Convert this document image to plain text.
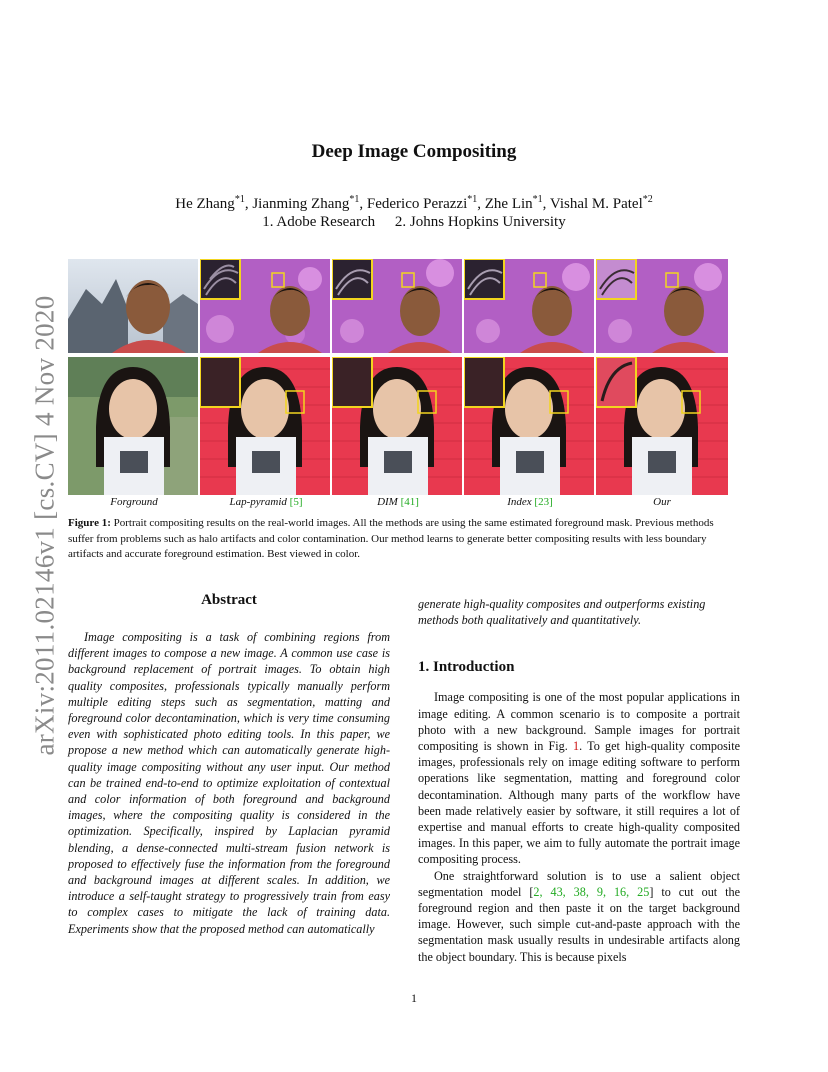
arXiv:2011.02146v1 [cs.CV] 4 Nov 2020
Deep Image Compositing
He Zhang$^{*1}$, Jianming Zhang$^{*1}$, Federico Perazzi$^{*1}$, Zhe Lin$^{*1}$, Vishal M. Patel$^{*2}$
1. Adobe Research 2. Johns Hopkins University
Forground	Lap-pyramid [5]	DIM [41]	Index [23]	Our
Figure 1: Portrait compositing results on the real-world images. All the methods are using the same estimated foreground mask. Previous methods suffer from problems such as halo artifacts and color contamination. Our method learns to generate better compositing results with less boundary artifacts and accurate foreground estimation. Best viewed in color.
Abstract

Image compositing is a task of combining regions from different images to compose a new image. A common use case is background replacement of portrait images. To obtain high quality composites, professionals typically manually perform multiple editing steps such as segmentation, matting and foreground color decontamination, which is very time consuming even with sophisticated photo editing tools. In this paper, we propose a new method which can automatically generate high-quality image compositing without any user input. Our method can be trained end-to-end to optimize exploitation of contextual and color information of both foreground and background images, where the compositing quality is considered in the optimization. Specifically, inspired by Laplacian pyramid blending, a dense-connected multi-stream fusion network is proposed to effectively fuse the information from the foreground and background images at different scales. In addition, we introduce a self-taught strategy to progressively train from easy to complex cases to mitigate the lack of training data. Experiments show that the proposed method can automatically

generate high-quality composites and outperforms existing methods both qualitatively and quantitatively.

1. Introduction

Image compositing is one of the most popular applications in image editing. A common scenario is to composite a portrait photo with a new background. Sample images for portrait compositing is shown in Fig. 1. To get high-quality composite images, professionals rely on image editing software to perform operations like segmentation, matting and foreground color decontamination. Although many parts of the workflow have been made relatively easier by software, it still requires a lot of expertise and manual efforts to create high-quality composited images. In this paper, we aim to fully automate the portrait image compositing process.

One straightforward solution is to use a salient object segmentation model [2, 43, 38, 9, 16, 25] to cut out the foreground region and then paste it on the target background image. However, such simple cut-and-paste approach with the segmentation mask usually results in undesirable artifacts along the object boundary. This is because pixels

1
